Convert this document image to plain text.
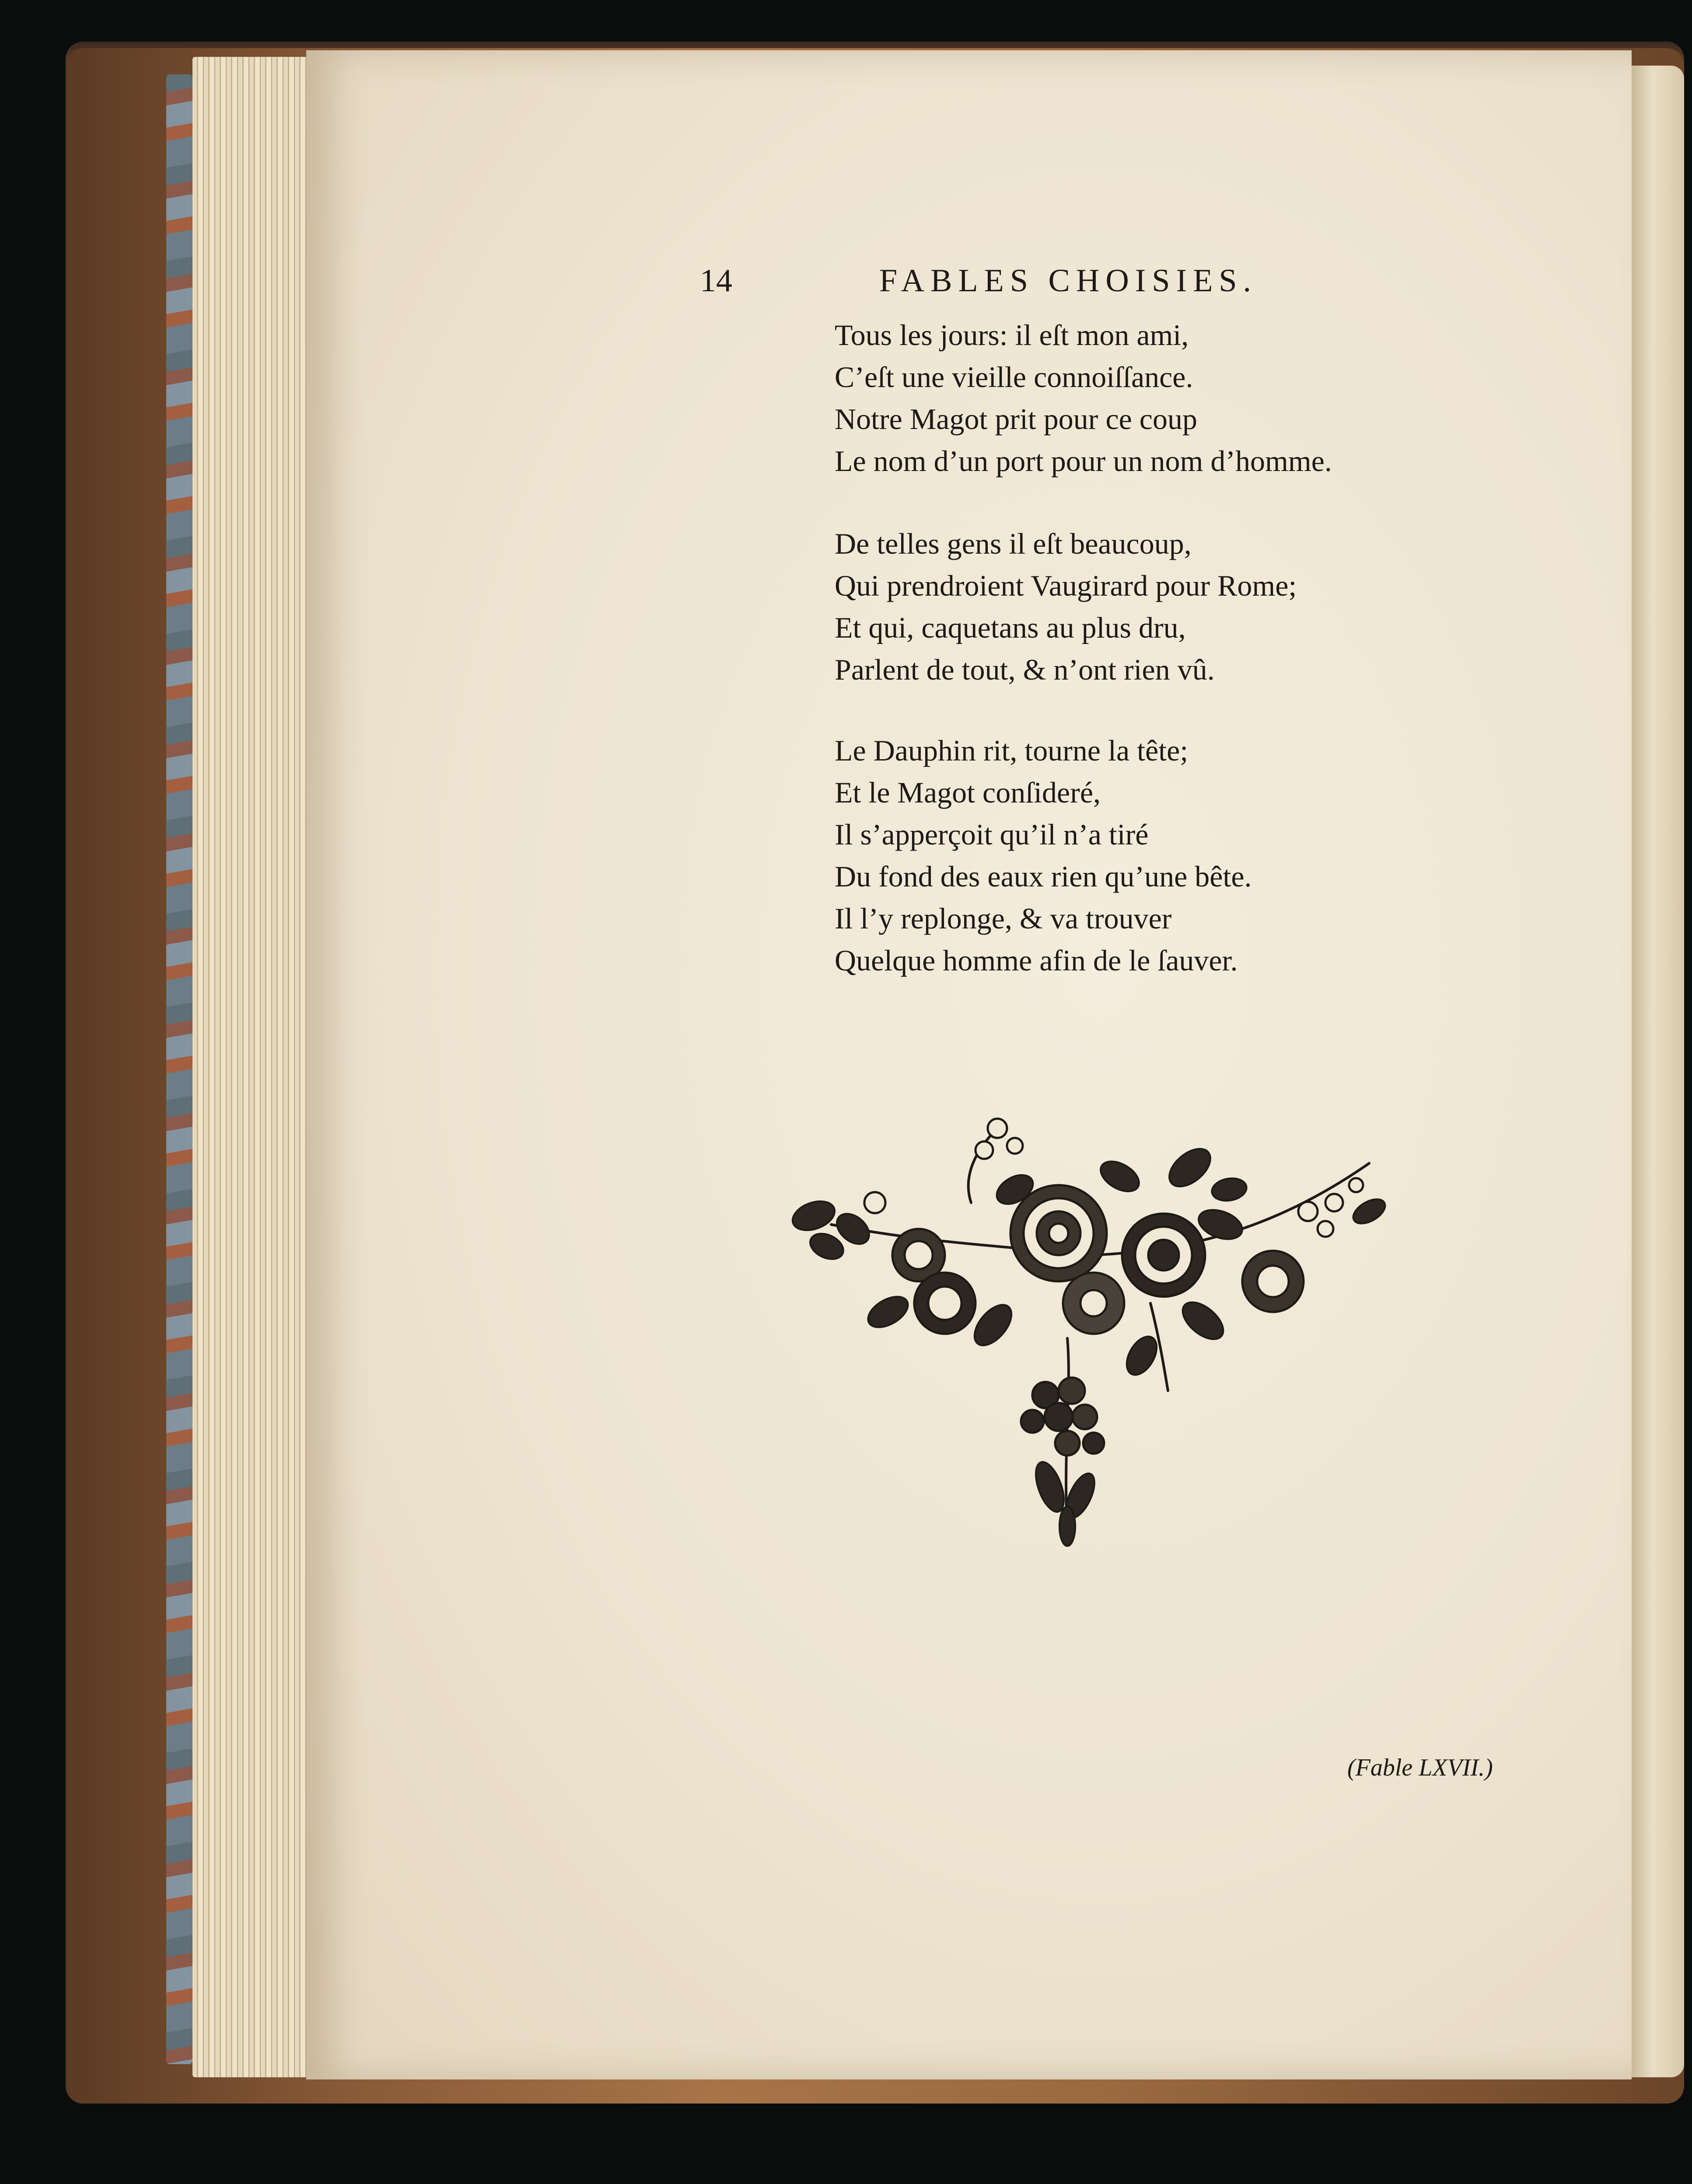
14	FABLES CHOISIES.
Tous les jours: il eſt mon ami,
C’eſt une vieille connoiſſance.
Notre Magot prit pour ce coup
Le nom d’un port pour un nom d’homme.
De telles gens il eſt beaucoup,
Qui prendroient Vaugirard pour Rome;
Et qui, caquetans au plus dru,
Parlent de tout, & n’ont rien vû.
Le Dauphin rit, tourne la tête;
Et le Magot conſideré,
Il s’apperçoit qu’il n’a tiré
Du fond des eaux rien qu’une bête.
Il l’y replonge, & va trouver
Quelque homme afin de le ſauver.
(Fable LXVII.)
